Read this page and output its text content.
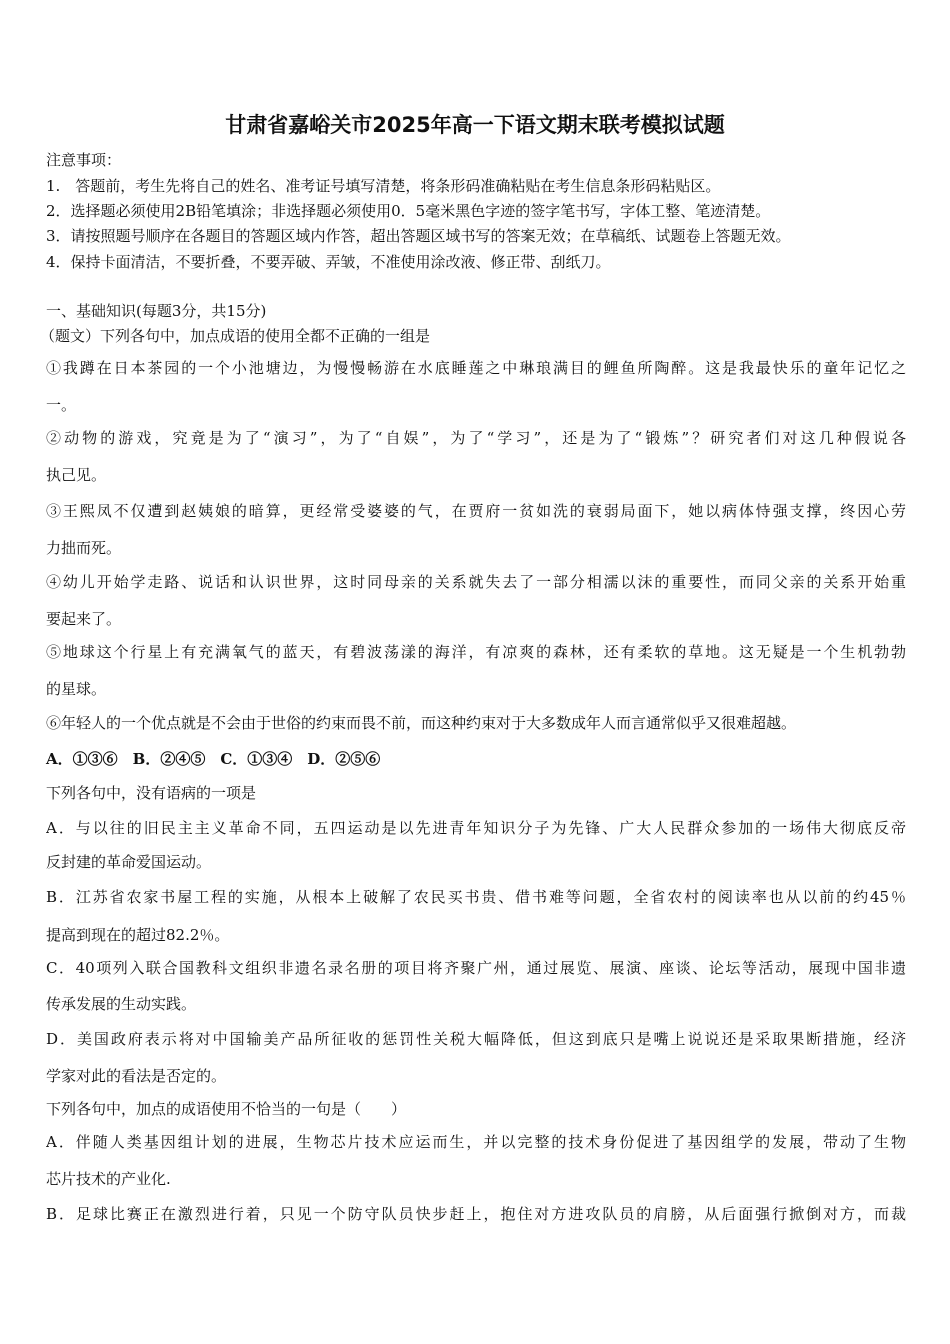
甘肃省嘉峪关市2025年高一下语文期末联考模拟试题
注意事项：
1.　答题前，考生先将自己的姓名、准考证号填写清楚，将条形码准确粘贴在考生信息条形码粘贴区。
2．选择题必须使用2B铅笔填涂；非选择题必须使用0．5毫米黑色字迹的签字笔书写，字体工整、笔迹清楚。
3．请按照题号顺序在各题目的答题区域内作答，超出答题区域书写的答案无效；在草稿纸、试题卷上答题无效。
4．保持卡面清洁，不要折叠，不要弄破、弄皱，不准使用涂改液、修正带、刮纸刀。
一、基础知识(每题3分，共15分)
（题文）下列各句中，加点成语的使用全都不正确的一组是
①我蹲在日本茶园的一个小池塘边，为慢慢畅游在水底睡莲之中琳琅满目的鲤鱼所陶醉。这是我最快乐的童年记忆之
一。
②动物的游戏，究竟是为了“演习”，为了“自娱”，为了“学习”，还是为了“锻炼”？研究者们对这几种假说各
执己见。
③王熙凤不仅遭到赵姨娘的暗算，更经常受婆婆的气，在贾府一贫如洗的衰弱局面下，她以病体恃强支撑，终因心劳
力拙而死。
④幼儿开始学走路、说话和认识世界，这时同母亲的关系就失去了一部分相濡以沫的重要性，而同父亲的关系开始重
要起来了。
⑤地球这个行星上有充满氧气的蓝天，有碧波荡漾的海洋，有凉爽的森林，还有柔软的草地。这无疑是一个生机勃勃
的星球。
⑥年轻人的一个优点就是不会由于世俗的约束而畏不前，而这种约束对于大多数成年人而言通常似乎又很难超越。
A．①③⑥　B．②④⑤　C．①③④　D．②⑤⑥
下列各句中，没有语病的一项是
A．与以往的旧民主主义革命不同，五四运动是以先进青年知识分子为先锋、广大人民群众参加的一场伟大彻底反帝
反封建的革命爱国运动。
B．江苏省农家书屋工程的实施，从根本上破解了农民买书贵、借书难等问题，全省农村的阅读率也从以前的约45％
提高到现在的超过82.2％。
C．40项列入联合国教科文组织非遗名录名册的项目将齐聚广州，通过展览、展演、座谈、论坛等活动，展现中国非遗
传承发展的生动实践。
D．美国政府表示将对中国输美产品所征收的惩罚性关税大幅降低，但这到底只是嘴上说说还是采取果断措施，经济
学家对此的看法是否定的。
下列各句中，加点的成语使用不恰当的一句是（　　）
A．伴随人类基因组计划的进展，生物芯片技术应运而生，并以完整的技术身份促进了基因组学的发展，带动了生物
芯片技术的产业化.
B．足球比赛正在激烈进行着，只见一个防守队员快步赶上，抱住对方进攻队员的肩膀，从后面强行掀倒对方，而裁
